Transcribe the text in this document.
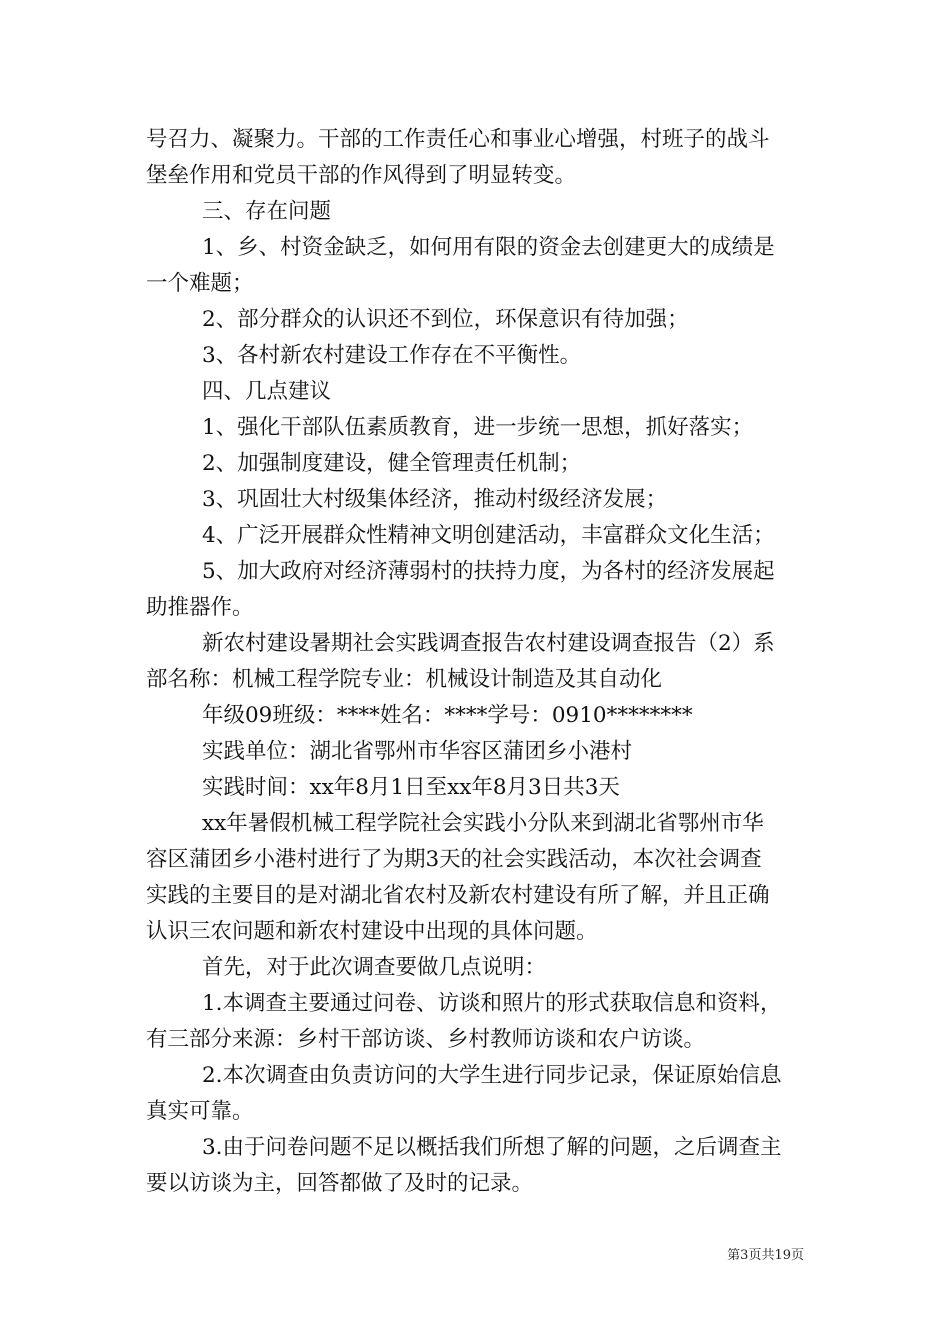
号召力、凝聚力。干部的工作责任心和事业心增强，村班子的战斗
堡垒作用和党员干部的作风得到了明显转变。
三、存在问题
1、乡、村资金缺乏，如何用有限的资金去创建更大的成绩是
一个难题；
2、部分群众的认识还不到位，环保意识有待加强；
3、各村新农村建设工作存在不平衡性。
四、几点建议
1、强化干部队伍素质教育，进一步统一思想，抓好落实；
2、加强制度建设，健全管理责任机制；
3、巩固壮大村级集体经济，推动村级经济发展；
4、广泛开展群众性精神文明创建活动，丰富群众文化生活；
5、加大政府对经济薄弱村的扶持力度，为各村的经济发展起
助推器作。
新农村建设暑期社会实践调查报告农村建设调查报告（2）系
部名称：机械工程学院专业：机械设计制造及其自动化
年级09班级：****姓名：****学号：0910********
实践单位：湖北省鄂州市华容区蒲团乡小港村
实践时间：xx年8月1日至xx年8月3日共3天
xx年暑假机械工程学院社会实践小分队来到湖北省鄂州市华
容区蒲团乡小港村进行了为期3天的社会实践活动，本次社会调查
实践的主要目的是对湖北省农村及新农村建设有所了解，并且正确
认识三农问题和新农村建设中出现的具体问题。
首先，对于此次调查要做几点说明：
1.本调查主要通过问卷、访谈和照片的形式获取信息和资料，
有三部分来源：乡村干部访谈、乡村教师访谈和农户访谈。
2.本次调查由负责访问的大学生进行同步记录，保证原始信息
真实可靠。
3.由于问卷问题不足以概括我们所想了解的问题，之后调查主
要以访谈为主，回答都做了及时的记录。
第3页共19页
